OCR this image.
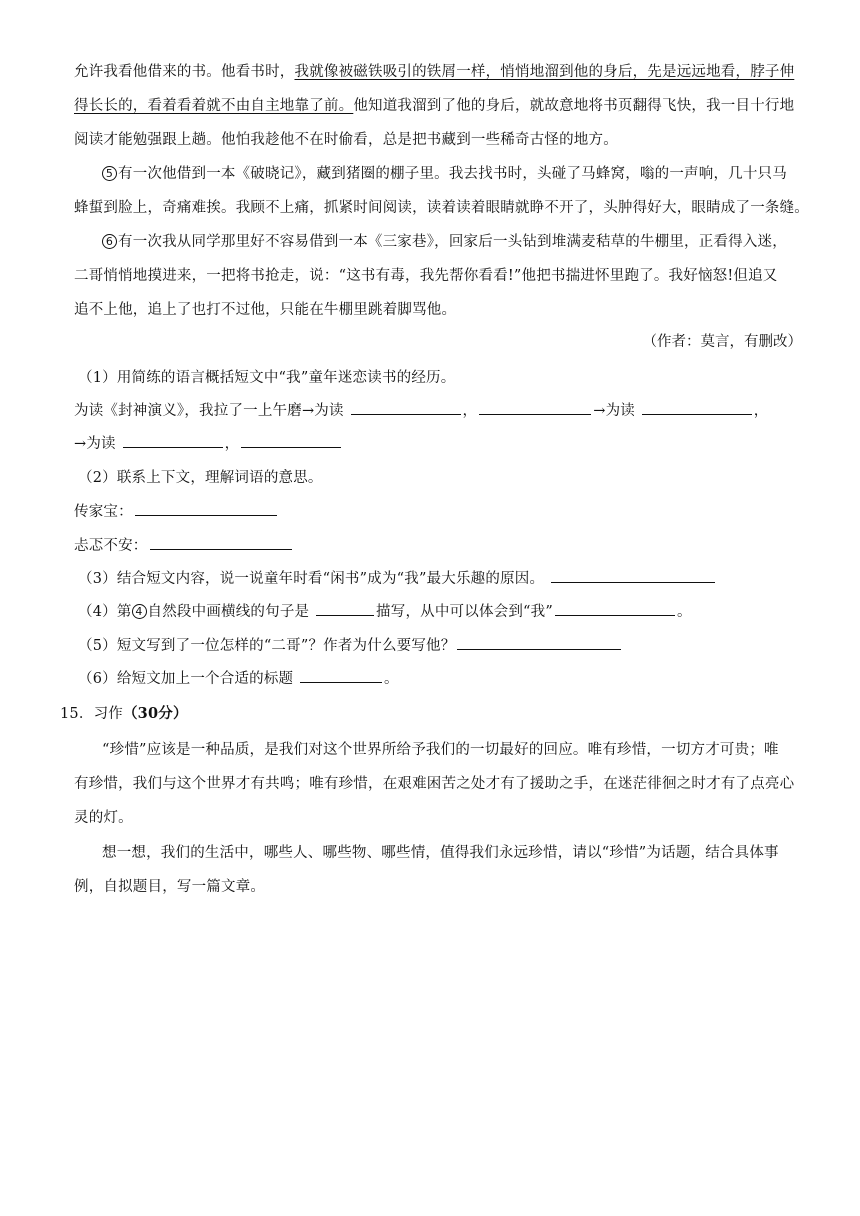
允许我看他借来的书。他看书时，我就像被磁铁吸引的铁屑一样，悄悄地溜到他的身后，先是远远地看，脖子伸
得长长的，看着看着就不由自主地靠了前。他知道我溜到了他的身后，就故意地将书页翻得飞快，我一目十行地
阅读才能勉强跟上趟。他怕我趁他不在时偷看，总是把书藏到一些稀奇古怪的地方。
5 有一次他借到一本《破晓记》，藏到猪圈的棚子里。我去找书时，头碰了马蜂窝，嗡的一声响，几十只马
蜂蜇到脸上，奇痛难挨。我顾不上痛，抓紧时间阅读，读着读着眼睛就睁不开了，头肿得好大，眼睛成了一条缝。
6 有一次我从同学那里好不容易借到一本《三家巷》，回家后一头钻到堆满麦秸草的牛棚里，正看得入迷，
二哥悄悄地摸进来，一把将书抢走，说：“这书有毒，我先帮你看看!”他把书揣进怀里跑了。我好恼怒!但追又
追不上他，追上了也打不过他，只能在牛棚里跳着脚骂他。
（作者：莫言，有删改）
（1）用简练的语言概括短文中“我”童年迷恋读书的经历。
为读《封神演义》，我拉了一上午磨→为读	，	→为读	，
→为读	，
（2）联系上下文，理解词语的意思。
传家宝：
忐忑不安：
（3）结合短文内容，说一说童年时看“闲书”成为“我”最大乐趣的原因。
（4）第 4 自然段中画横线的句子是	描写，从中可以体会到“我”	。
（5）短文写到了一位怎样的“二哥”？作者为什么要写他？
（6）给短文加上一个合适的标题	。
15．习作（30分）
“珍惜”应该是一种品质，是我们对这个世界所给予我们的一切最好的回应。唯有珍惜，一切方才可贵；唯
有珍惜，我们与这个世界才有共鸣；唯有珍惜，在艰难困苦之处才有了援助之手，在迷茫徘徊之时才有了点亮心
灵的灯。
想一想，我们的生活中，哪些人、哪些物、哪些情，值得我们永远珍惜，请以“珍惜”为话题，结合具体事
例，自拟题目，写一篇文章。
